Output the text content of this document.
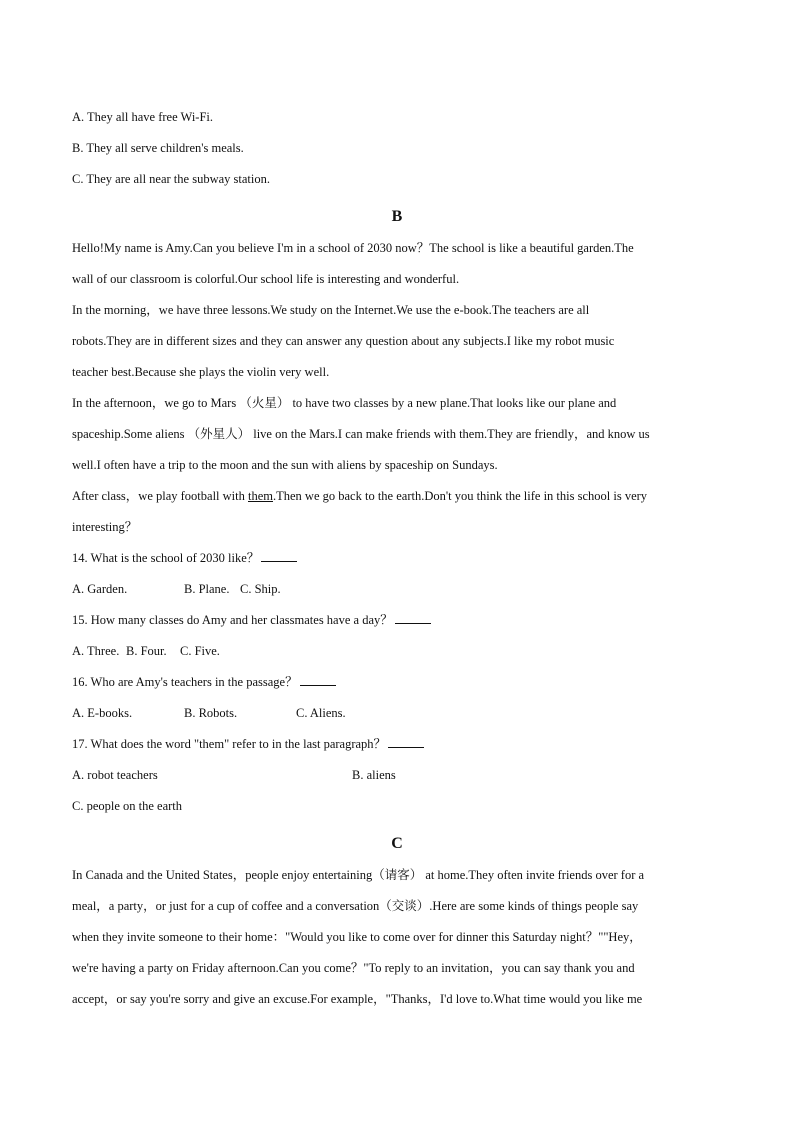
A. They all have free Wi-Fi.
B. They all serve children's meals.
C. They are all near the subway station.
B
Hello!My name is Amy.Can you believe I'm in a school of 2030 now？The school is like a beautiful garden.The
wall of our classroom is colorful.Our school life is interesting and wonderful.
In the morning，we have three lessons.We study on the Internet.We use the e-book.The teachers are all
robots.They are in different sizes and they can answer any question about any subjects.I like my robot music
teacher best.Because she plays the violin very well.
In the afternoon，we go to Mars （火星） to have two classes by a new plane.That looks like our plane and
spaceship.Some aliens （外星人） live on the Mars.I can make friends with them.They are friendly，and know us
well.I often have a trip to the moon and the sun with aliens by spaceship on Sundays.
After class，we play football with them.Then we go back to the earth.Don't you think the life in this school is very
interesting？
14. What is the school of 2030 like？
A. Garden.	B. Plane. C. Ship.
15. How many classes do Amy and her classmates have a day？
A. Three. B. Four. C. Five.
16. Who are Amy's teachers in the passage？
A. E-books.	B. Robots.	C. Aliens.
17. What does the word "them" refer to in the last paragraph？
A. robot teachers	B. aliens
C. people on the earth
C
In Canada and the United States，people enjoy entertaining（请客） at home.They often invite friends over for a
meal，a party，or just for a cup of coffee and a conversation（交谈）.Here are some kinds of things people say
when they invite someone to their home："Would you like to come over for dinner this Saturday night？""Hey，
we're having a party on Friday afternoon.Can you come？"To reply to an invitation，you can say thank you and
accept，or say you're sorry and give an excuse.For example，"Thanks，I'd love to.What time would you like me
